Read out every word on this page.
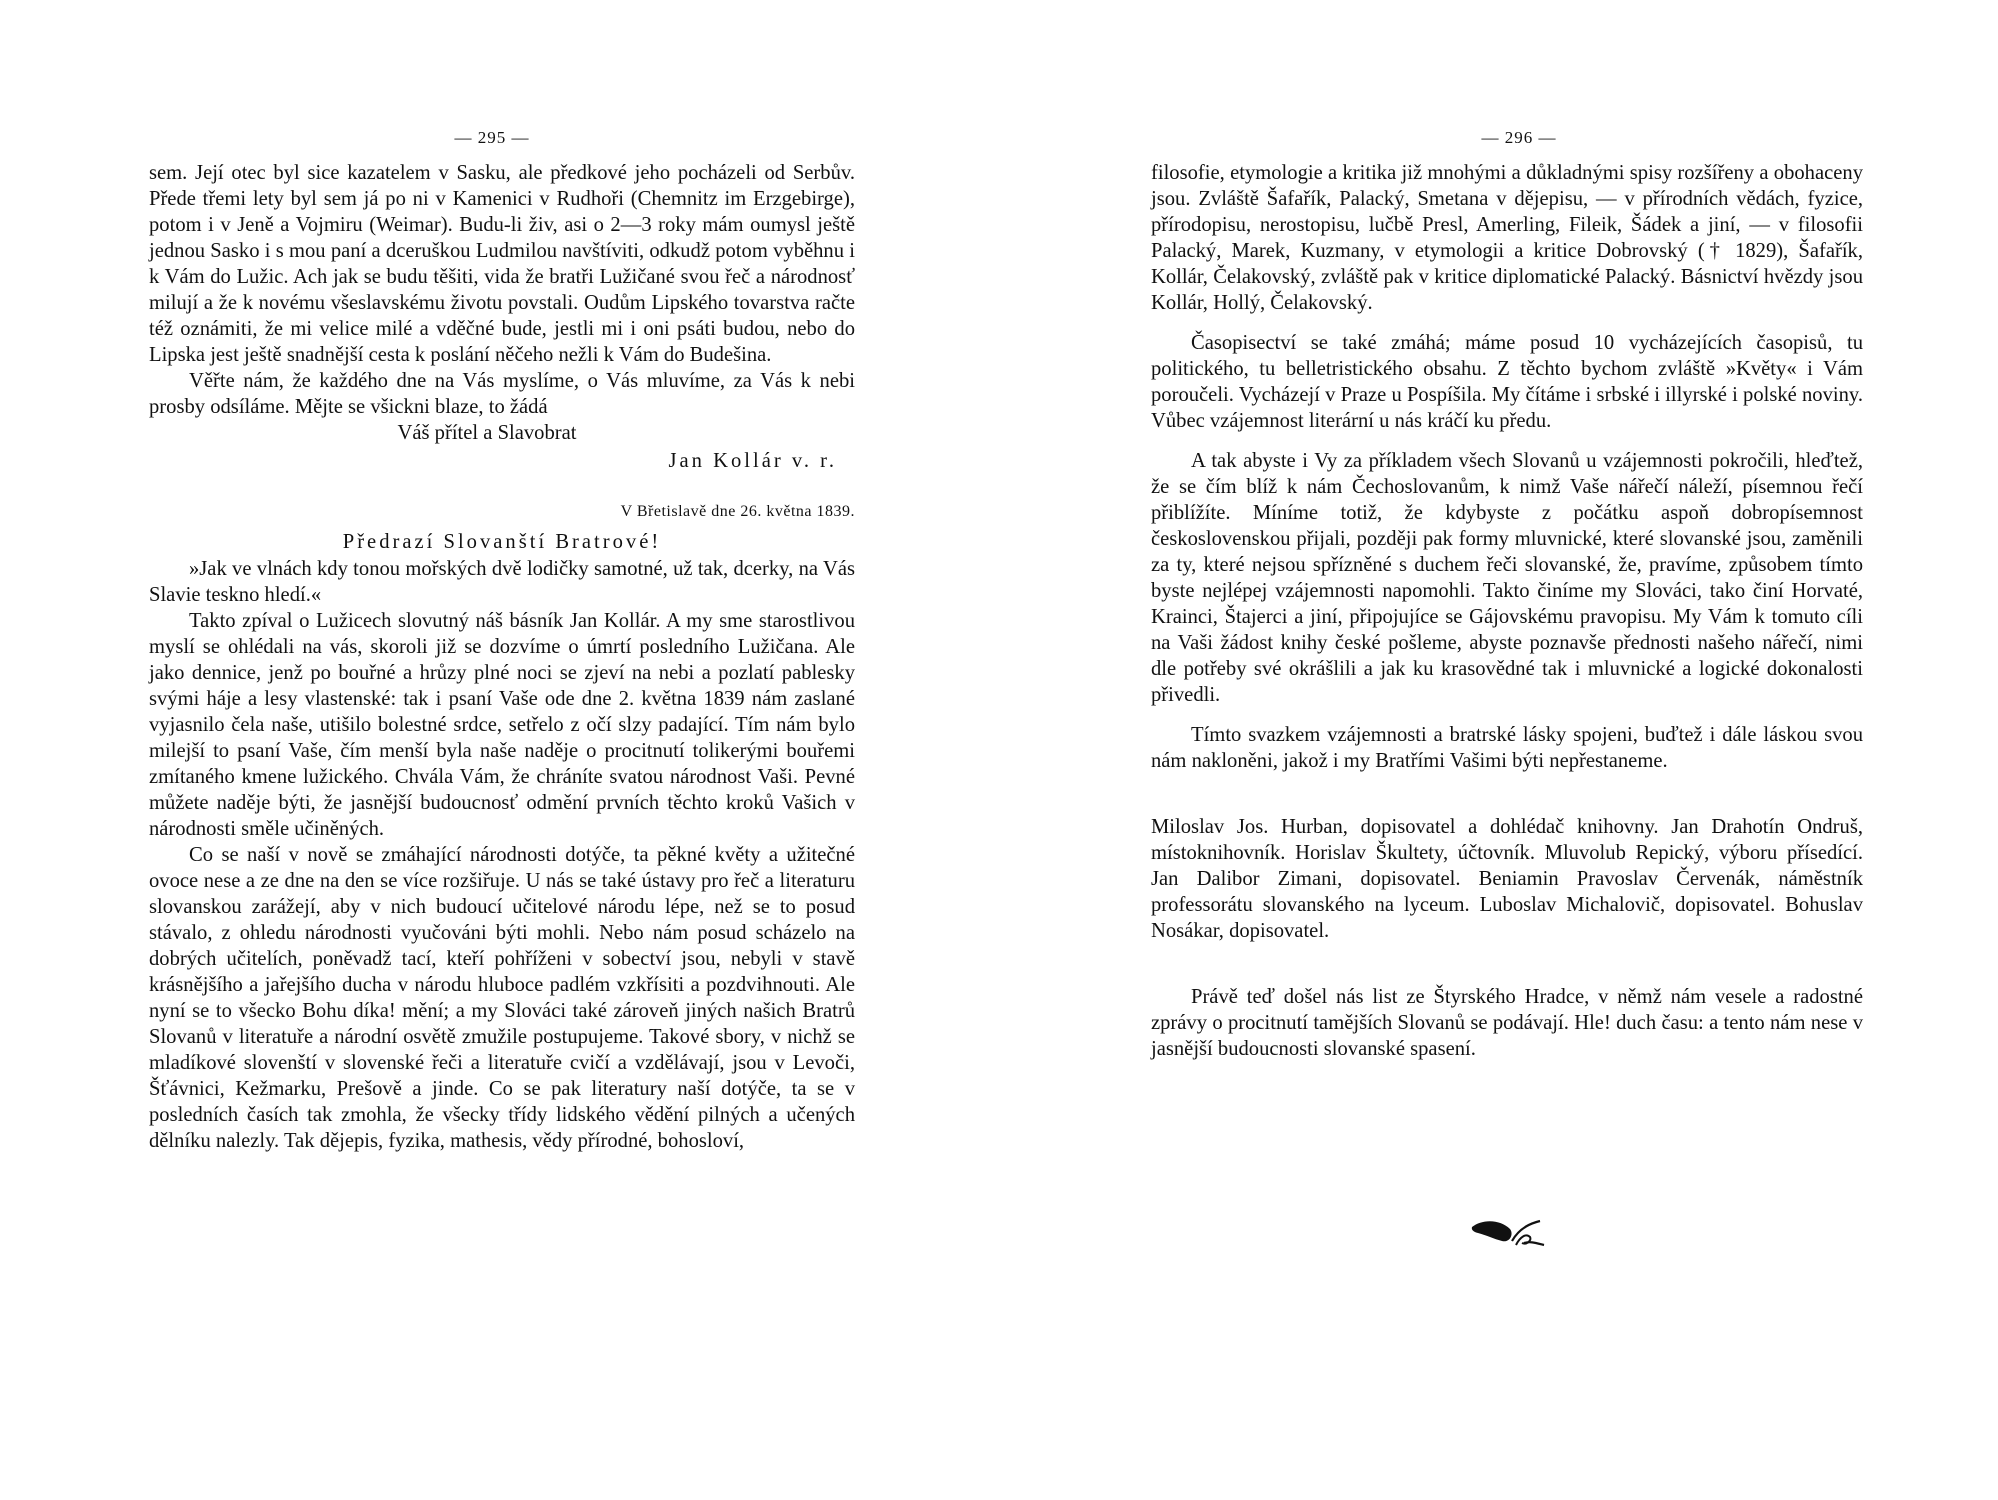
— 295 —

sem. Její otec byl sice kazatelem v Sasku, ale předkové jeho pocházeli od Serbův. Přede třemi lety byl sem já po ni v Kamenici v Rudhoři (Chemnitz im Erzgebirge), potom i v Jeně a Vojmiru (Weimar). Budu-li živ, asi o 2—3 roky mám oumysl ještě jednou Sasko i s mou paní a dceruškou Ludmilou navštíviti, odkudž potom vyběhnu i k Vám do Lužic. Ach jak se budu těšiti, vida že bratři Lužičané svou řeč a národnosť milují a že k novému všeslavskému životu povstali. Oudům Lipského tovarstva račte též oznámiti, že mi velice milé a vděčné bude, jestli mi i oni psáti budou, nebo do Lipska jest ještě snadnější cesta k poslání něčeho nežli k Vám do Budešina.

Věřte nám, že každého dne na Vás myslíme, o Vás mluvíme, za Vás k nebi prosby odsíláme. Mějte se všickni blaze, to žádá

Váš přítel a Slavobrat

Jan Kollár v. r.

V Břetislavě dne 26. května 1839.

Předrazí Slovanští Bratrové!

»Jak ve vlnách kdy tonou mořských dvě lodičky samotné, už tak, dcerky, na Vás Slavie teskno hledí.«

Takto zpíval o Lužicech slovutný náš básník Jan Kollár. A my sme starostlivou myslí se ohlédali na vás, skoroli již se dozvíme o úmrtí posledního Lužičana. Ale jako dennice, jenž po bouřné a hrůzy plné noci se zjeví na nebi a pozlatí pablesky svými háje a lesy vlastenské: tak i psaní Vaše ode dne 2. května 1839 nám zaslané vyjasnilo čela naše, utišilo bolestné srdce, setřelo z očí slzy padající. Tím nám bylo milejší to psaní Vaše, čím menší byla naše naděje o procitnutí tolikerými bouřemi zmítaného kmene lužického. Chvála Vám, že chráníte svatou národnost Vaši. Pevné můžete naděje býti, že jasnější budoucnosť odmění prvních těchto kroků Vašich v národnosti směle učiněných.

Co se naší v nově se zmáhající národnosti dotýče, ta pěkné květy a užitečné ovoce nese a ze dne na den se více rozšiřuje. U nás se také ústavy pro řeč a literaturu slovanskou zarážejí, aby v nich budoucí učitelové národu lépe, než se to posud stávalo, z ohledu národnosti vyučováni býti mohli. Nebo nám posud scházelo na dobrých učitelích, poněvadž tací, kteří pohříženi v sobectví jsou, nebyli v stavě krásnějšího a jařejšího ducha v národu hluboce padlém vzkřísiti a pozdvihnouti. Ale nyní se to všecko Bohu díka! mění; a my Slováci také zároveň jiných našich Bratrů Slovanů v literatuře a národní osvětě zmužile postupujeme. Takové sbory, v nichž se mladíkové slovenští v slovenské řeči a literatuře cvičí a vzdělávají, jsou v Levoči, Šťávnici, Kežmarku, Prešově a jinde. Co se pak literatury naší dotýče, ta se v posledních časích tak zmohla, že všecky třídy lidského vědění pilných a učených dělníku nalezly. Tak dějepis, fyzika, mathesis, vědy přírodné, bohosloví,

— 296 —

filosofie, etymologie a kritika již mnohými a důkladnými spisy rozšířeny a obohaceny jsou. Zvláště Šafařík, Palacký, Smetana v dějepisu, — v přírodních vědách, fyzice, přírodopisu, nerostopisu, lučbě Presl, Amerling, Fileik, Šádek a jiní, — v filosofii Palacký, Marek, Kuzmany, v etymologii a kritice Dobrovský († 1829), Šafařík, Kollár, Čelakovský, zvláště pak v kritice diplomatické Palacký. Básnictví hvězdy jsou Kollár, Hollý, Čelakovský.

Časopisectví se také zmáhá; máme posud 10 vycházejících časopisů, tu politického, tu belletristického obsahu. Z těchto bychom zvláště »Květy« i Vám poroučeli. Vycházejí v Praze u Pospíšila. My čítáme i srbské i illyrské i polské noviny. Vůbec vzájemnost literární u nás kráčí ku předu.

A tak abyste i Vy za příkladem všech Slovanů u vzájemnosti pokročili, hleďtež, že se čím blíž k nám Čechoslovanům, k nimž Vaše nářečí náleží, písemnou řečí přiblížíte. Míníme totiž, že kdybyste z počátku aspoň dobropísemnost československou přijali, později pak formy mluvnické, které slovanské jsou, zaměnili za ty, které nejsou spřízněné s duchem řeči slovanské, že, pravíme, způsobem tímto byste nejlépej vzájemnosti napomohli. Takto činíme my Slováci, tako činí Horvaté, Krainci, Štajerci a jiní, připojujíce se Gájovskému pravopisu. My Vám k tomuto cíli na Vaši žádost knihy české pošleme, abyste poznavše přednosti našeho nářečí, nimi dle potřeby své okrášlili a jak ku krasovědné tak i mluvnické a logické dokonalosti přivedli.

Tímto svazkem vzájemnosti a bratrské lásky spojeni, buďtež i dále láskou svou nám nakloněni, jakož i my Bratřími Vašimi býti nepřestaneme.

Miloslav Jos. Hurban, dopisovatel a dohlédač knihovny. Jan Drahotín Ondruš, místoknihovník. Horislav Škultety, účtovník. Mluvolub Repický, výboru přísedící. Jan Dalibor Zimani, dopisovatel. Beniamin Pravoslav Červenák, náměstník professorátu slovanského na lyceum. Luboslav Michalovič, dopisovatel. Bohuslav Nosákar, dopisovatel.

Právě teď došel nás list ze Štyrského Hradce, v němž nám vesele a radostné zprávy o procitnutí tamějších Slovanů se podávají. Hle! duch času: a tento nám nese v jasnější budoucnosti slovanské spasení.
